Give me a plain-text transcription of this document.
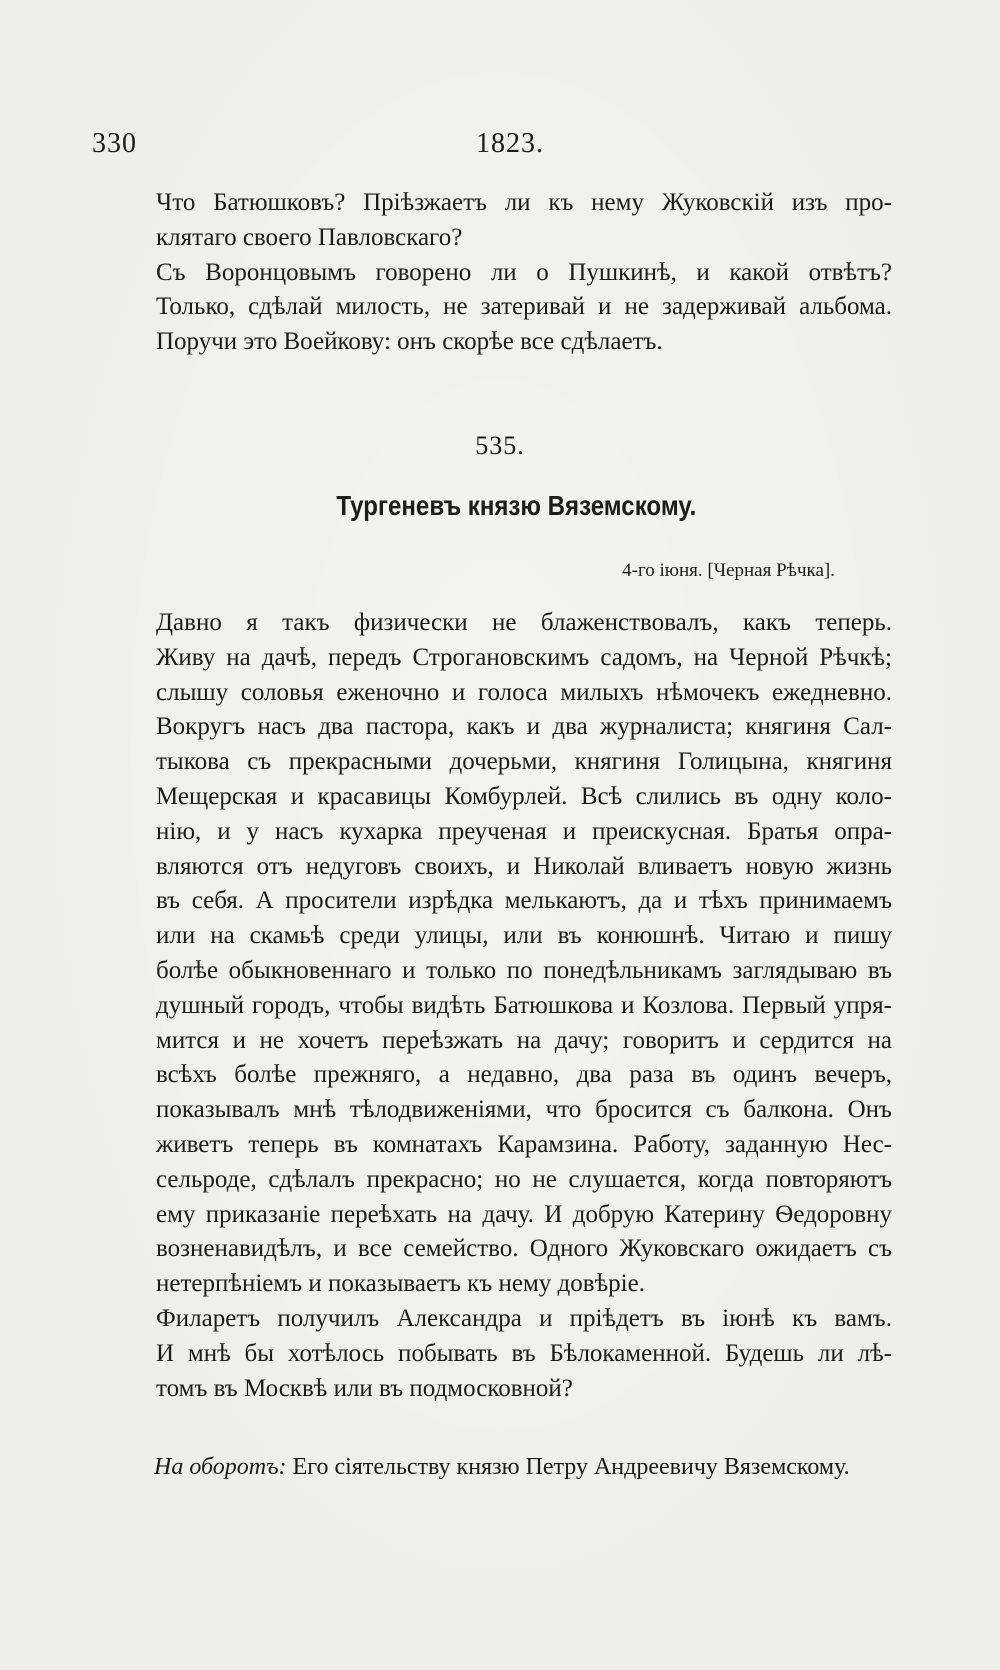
330	1823.

Что Батюшковъ? Пріѣзжаетъ ли къ нему Жуковскій изъ про-
клятаго своего Павловскаго?

Съ Воронцовымъ говорено ли о Пушкинѣ, и какой отвѣтъ?
Только, сдѣлай милость, не затеривай и не задерживай альбома.
Поручи это Воейкову: онъ скорѣе все сдѣлаетъ.

535.
Тургеневъ князю Вяземскому.
4-го іюня. [Черная Рѣчка].

Давно я такъ физически не блаженствовалъ, какъ теперь.
Живу на дачѣ, передъ Строгановскимъ садомъ, на Черной Рѣчкѣ;
слышу соловья еженочно и голоса милыхъ нѣмочекъ ежедневно.
Вокругъ насъ два пастора, какъ и два журналиста; княгиня Сал-
тыкова съ прекрасными дочерьми, княгиня Голицына, княгиня
Мещерская и красавицы Комбурлей. Всѣ слились въ одну коло-
нію, и у насъ кухарка преученая и преискусная. Братья опра-
вляются отъ недуговъ своихъ, и Николай вливаетъ новую жизнь
въ себя. А просители изрѣдка мелькаютъ, да и тѣхъ принимаемъ
или на скамьѣ среди улицы, или въ конюшнѣ. Читаю и пишу
болѣе обыкновеннаго и только по понедѣльникамъ заглядываю въ
душный городъ, чтобы видѣть Батюшкова и Козлова. Первый упря-
мится и не хочетъ переѣзжать на дачу; говоритъ и сердится на
всѣхъ болѣе прежняго, а недавно, два раза въ одинъ вечеръ,
показывалъ мнѣ тѣлодвиженіями, что бросится съ балкона. Онъ
живетъ теперь въ комнатахъ Карамзина. Работу, заданную Нес-
сельроде, сдѣлалъ прекрасно; но не слушается, когда повторяютъ
ему приказаніе переѣхать на дачу. И добрую Катерину Ѳедоровну
возненавидѣлъ, и все семейство. Одного Жуковскаго ожидаетъ съ
нетерпѣніемъ и показываетъ къ нему довѣріе.

Филаретъ получилъ Александра и пріѣдетъ въ іюнѣ къ вамъ.
И мнѣ бы хотѣлось побывать въ Бѣлокаменной. Будешь ли лѣ-
томъ въ Москвѣ или въ подмосковной?

На оборотъ: Его сіятельству князю Петру Андреевичу Вяземскому.
